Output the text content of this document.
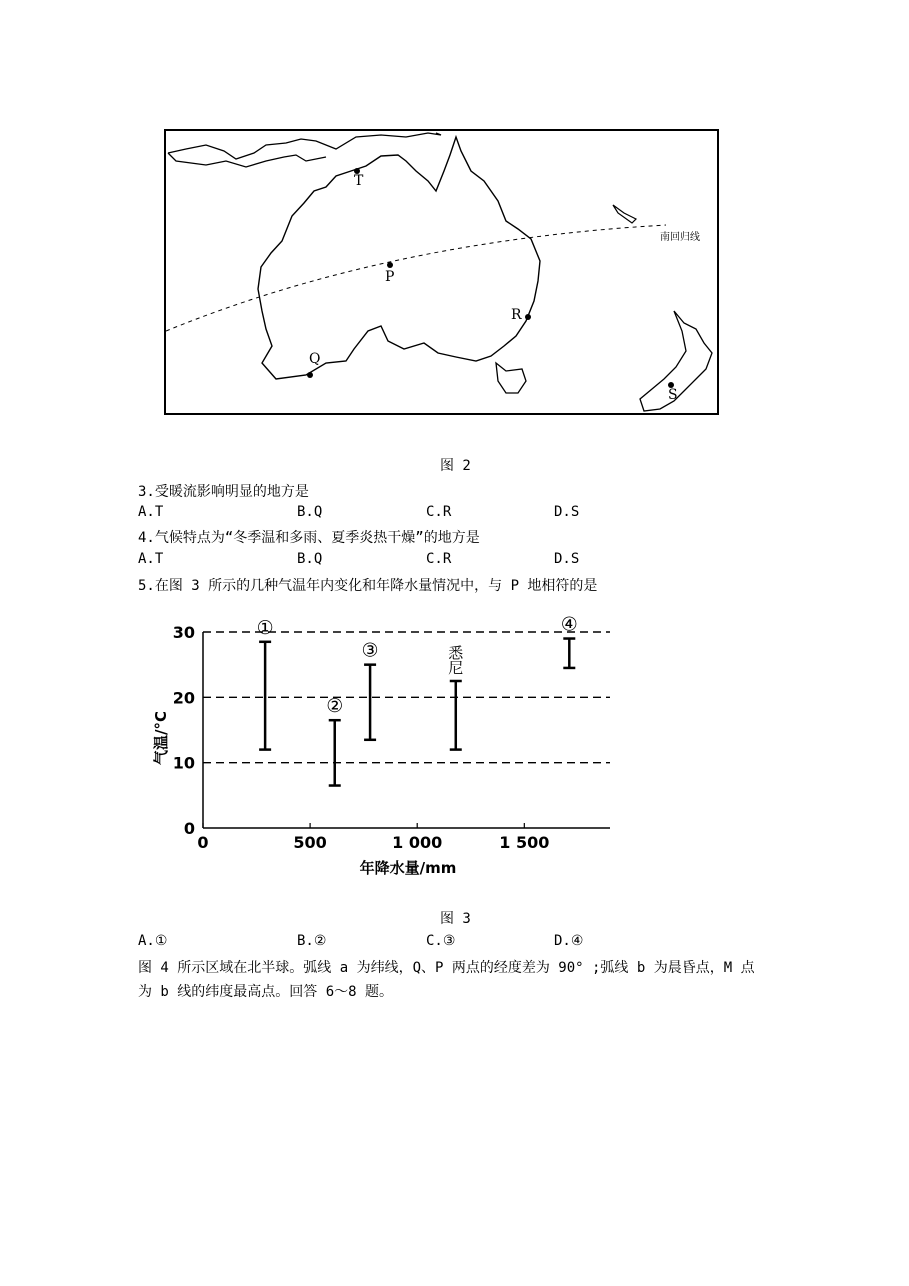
T
P
R
Q
S
南回归线
图 2
3.受暖流影响明显的地方是
A.T	B.Q	C.R	D.S
4.气候特点为“冬季温和多雨、夏季炎热干燥”的地方是
A.T	B.Q	C.R	D.S
5.在图 3 所示的几种气温年内变化和年降水量情况中，与 P 地相符的是
0
10
20
30
0	500	1 000	1 500
①
②
③	悉
尼
④
年降水量/mm
气温/°C
图 3
A.①	B.②	C.③	D.④
图 4 所示区域在北半球。弧线 a 为纬线，Q、P 两点的经度差为 90° ;弧线 b 为晨昏点，M 点
为 b 线的纬度最高点。回答 6～8 题。
